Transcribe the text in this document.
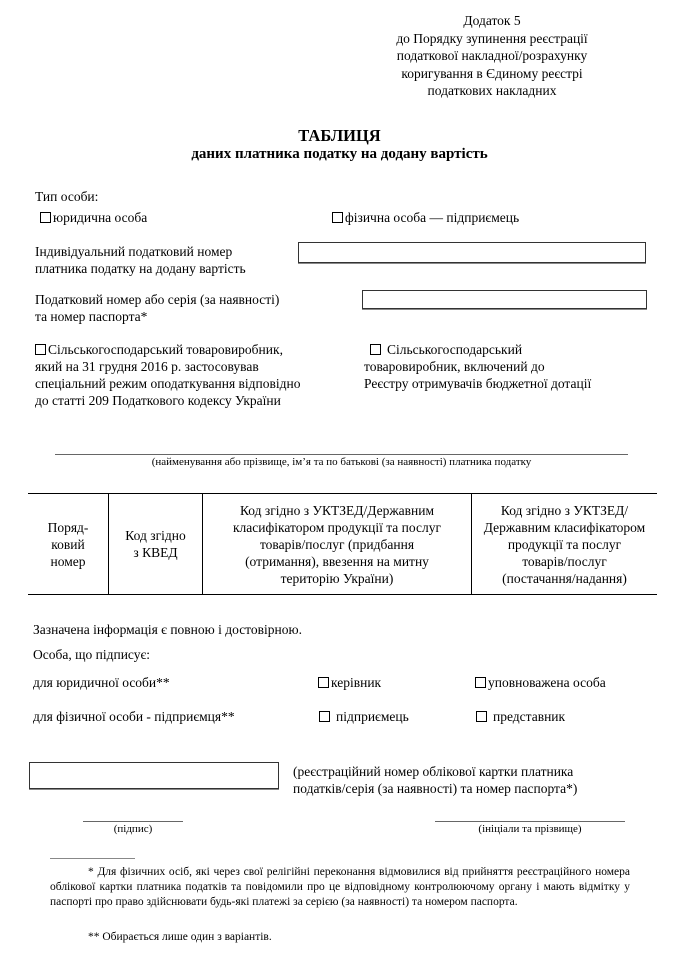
Додаток 5
до Порядку зупинення реєстрації
податкової накладної/розрахунку
коригування в Єдиному реєстрі
податкових накладних
ТАБЛИЦЯ
даних платника податку на додану вартість
Тип особи:
юридична особа	фізична особа — підприємець
Індивідуальний податковий номер
платника податку на додану вартість
Податковий номер або серія (за наявності)
та номер паспорта*
Сільськогосподарський товаровиробник,
який на 31 грудня 2016 р. застосовував
спеціальний режим оподаткування відповідно
до статті 209 Податкового кодексу України
Сільськогосподарський
товаровиробник, включений до
Реєстру отримувачів бюджетної дотації
(найменування або прізвище, ім’я та по батькові (за наявності) платника податку
Поряд-
ковий
номер

Код згідно
з КВЕД

Код згідно з УКТЗЕД/Державним
класифікатором продукції та послуг
товарів/послуг (придбання
(отримання), ввезення на митну
територію України)

Код згідно з УКТЗЕД/
Державним класифікатором
продукції та послуг
товарів/послуг
(постачання/надання)
Зазначена інформація є повною і достовірною.
Особа, що підписує:
для юридичної особи**	керівник	уповноважена особа
для фізичної особи - підприємця**	підприємець	представник
(реєстраційний номер облікової картки платника
податків/серія (за наявності) та номер паспорта*)
(підпис)	(ініціали та прізвище)
* Для фізичних осіб, які через свої релігійні переконання відмовилися від прийняття реєстраційного номера облікової картки платника податків та повідомили про це відповідному контролюючому органу і мають відмітку у паспорті про право здійснювати будь-які платежі за серією (за наявності) та номером паспорта.
** Обирається лише один з варіантів.
